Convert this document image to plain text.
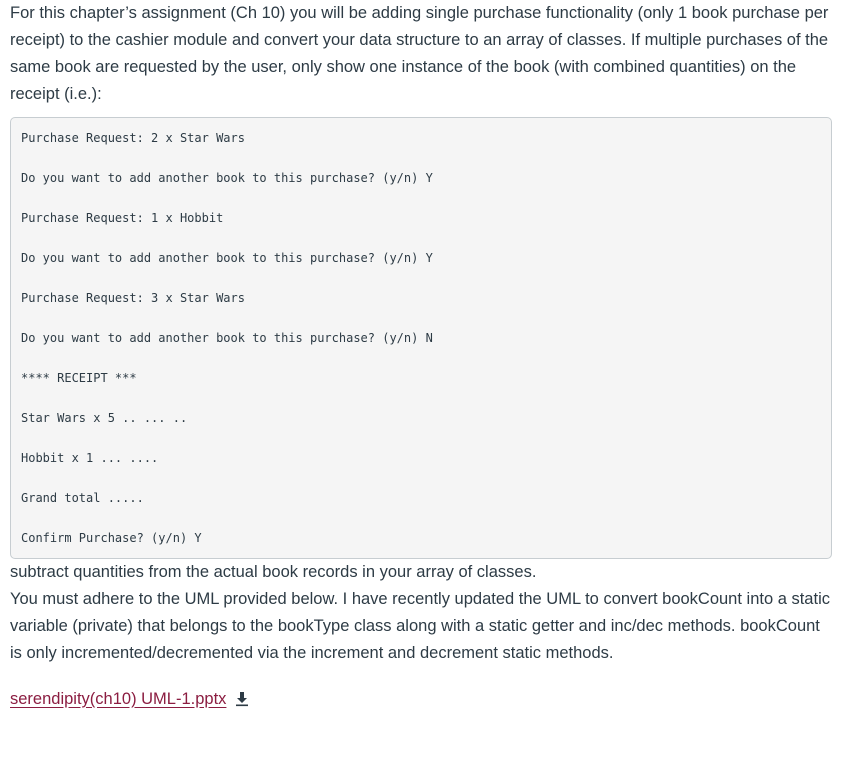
For this chapter’s assignment (Ch 10) you will be adding single purchase functionality (only 1 book purchase per receipt) to the cashier module and convert your data structure to an array of classes. If multiple purchases of the same book are requested by the user, only show one instance of the book (with combined quantities) on the receipt (i.e.):

Purchase Request: 2 x Star Wars
Do you want to add another book to this purchase? (y/n) Y
Purchase Request: 1 x Hobbit
Do you want to add another book to this purchase? (y/n) Y
Purchase Request: 3 x Star Wars
Do you want to add another book to this purchase? (y/n) N
**** RECEIPT ***
Star Wars x 5 .. ... ..
Hobbit x 1 ... ....
Grand total .....
Confirm Purchase? (y/n) Y

subtract quantities from the actual book records in your array of classes.

You must adhere to the UML provided below. I have recently updated the UML to convert bookCount into a static variable (private) that belongs to the bookType class along with a static getter and inc/dec methods. bookCount is only incremented/decremented via the increment and decrement static methods.

serendipity(ch10) UML-1.pptx
